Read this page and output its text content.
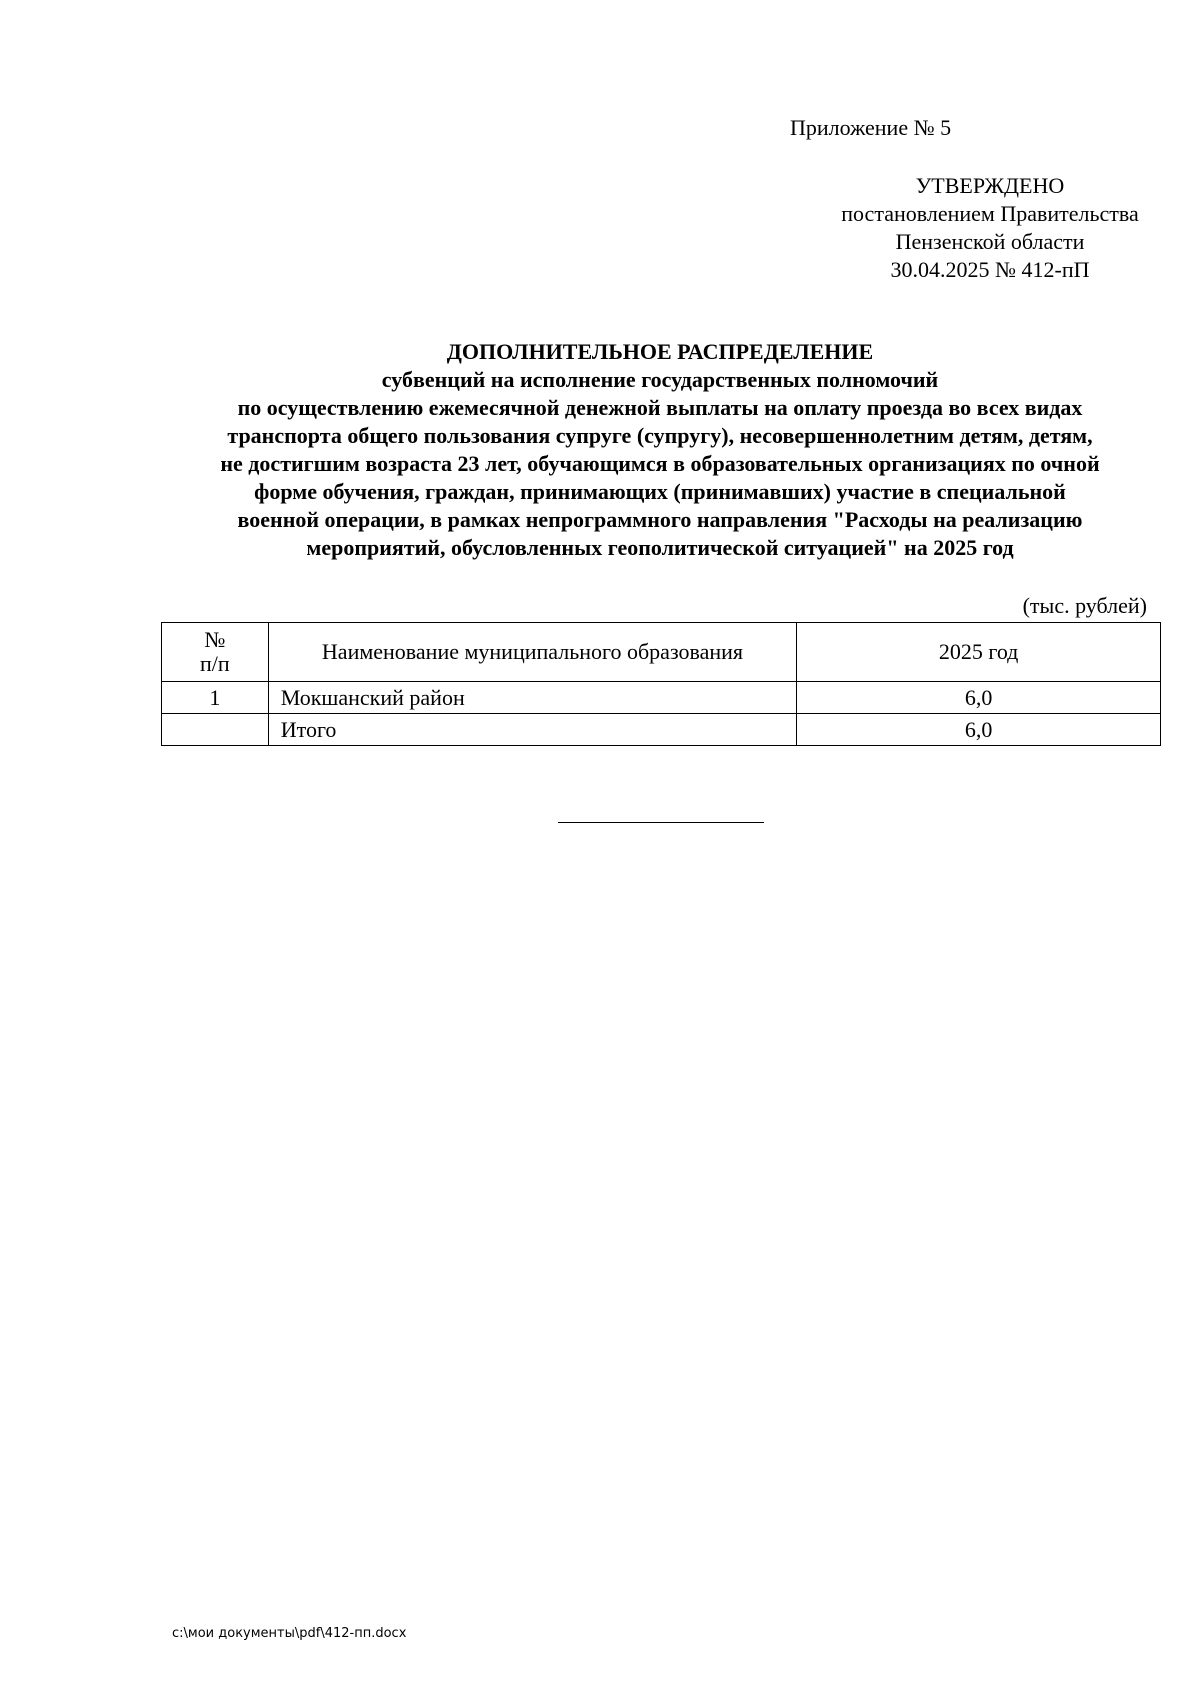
Приложение № 5
УТВЕРЖДЕНО
постановлением Правительства
Пензенской области
30.04.2025 № 412-пП
ДОПОЛНИТЕЛЬНОЕ РАСПРЕДЕЛЕНИЕ
субвенций на исполнение государственных полномочий
по осуществлению ежемесячной денежной выплаты на оплату проезда во всех видах
транспорта общего пользования супруге (супругу), несовершеннолетним детям, детям,
не достигшим возраста 23 лет, обучающимся в образовательных организациях по очной
форме обучения, граждан, принимающих (принимавших) участие в специальной
военной операции, в рамках непрограммного направления "Расходы на реализацию
мероприятий, обусловленных геополитической ситуацией" на 2025 год
(тыс. рублей)
№
п/п	Наименование муниципального образования	2025 год
1	Мокшанский район	6,0
	Итого	6,0
c:\мои документы\pdf\412-пп.docx
